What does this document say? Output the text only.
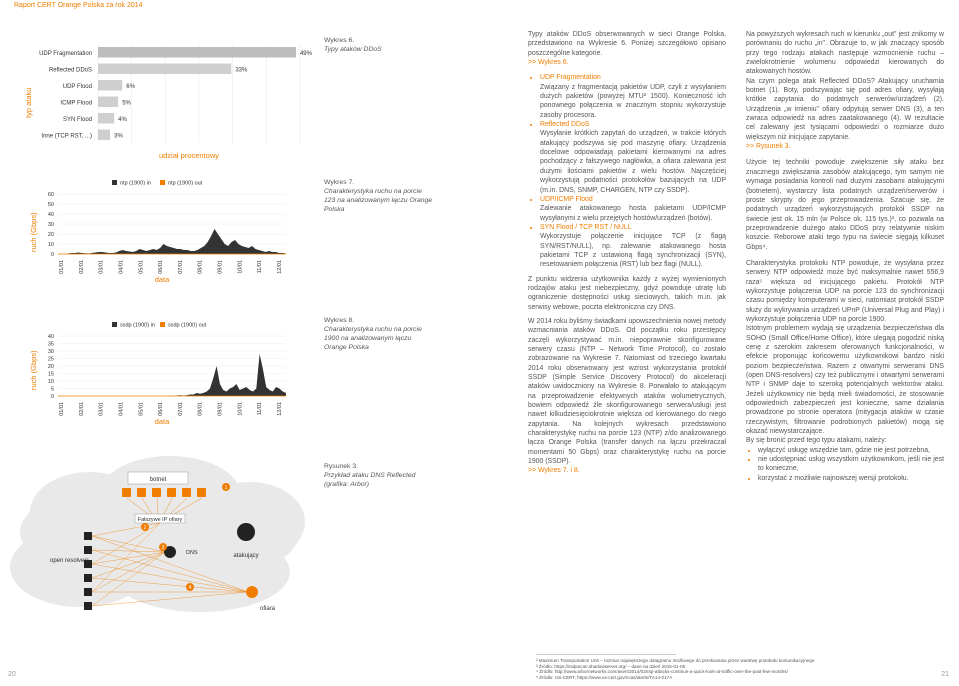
Raport CERT Orange Polska za rok 2014
typ ataku
UDP Fragmentation	49%
Reflected DDoS	33%
UDP Flood	6%
ICMP Flood	5%
SYN Flood	4%
Inne (TCP RST, ...)	3%
udział procentowy
ruch (Gbps)
ntp (1900) in	ntp (1900) out
60
50
40
30
20
10
0
01/01	02/01	03/01	04/01	05/01	06/01	07/01	08/01	09/01	10/01	11/01	12/01
data
ruch (Gbps)
ssdp (1900) in ssdp (1900) out
40
35
30
25
20
15
10
5
0
01/01	02/01	03/01	04/01	05/01	06/01	07/01	08/01	09/01	10/01	11/01	12/01
data
botnet
Fałszywe IP ofiary
open resolvers
DNS	atakujący
ofiara
1
2
3
4
Wykres 6.
Typy ataków DDoS
Wykres 7.
Charakterystyka ruchu na porcie 123 na analizowanym łączu Orange Polska
Wykres 8.
Charakterystyka ruchu na porcie 1900 na analizowanym łączu Orange Polska
Rysunek 3.
Przykład ataku DNS Reflected (grafika: Arbor)

Typy ataków DDoS obserwowanych w sieci Orange Polska, przedstawiono na Wykresie 6. Poniżej szczegółowo opisano poszczególne kategorie.
>> Wykres 6.

• UDP Fragmentation
Związany z fragmentacją pakietów UDP, czyli z wysyłaniem dużych pakietów (powyżej MTU² 1500). Konieczność ich ponownego połączenia w znacznym stopniu wykorzystuje zasoby procesora.
• Reflected DDoS
Wysyłanie krótkich zapytań do urządzeń, w trakcie których atakujący podszywa się pod maszynę ofiary. Urządzenia docelowe odpowiadają pakietami kierowanymi na adres pochodzący z fałszywego nagłówka, a ofiara zalewana jest dużymi ilościami pakietów z wielu hostów. Najczęściej wykorzystują podatności protokołów bazujących na UDP (m.in. DNS, SNMP, CHARGEN, NTP czy SSDP).
• UDP/ICMP Flood
Zalewanie atakowanego hosta pakietami UDP/ICMP wysyłanymi z wielu przejętych hostów/urządzeń (botów).
• SYN Flood / TCP RST / NULL
Wykorzystuje połączenie inicjujące TCP (z flagą SYN/RST/NULL), np. zalewanie atakowanego hosta pakietami TCP z ustawioną flagą synchronizacji (SYN), resetowaniem połączenia (RST) lub bez flagi (NULL).

Z punktu widzenia użytkownika każdy z wyżej wymienionych rodzajów ataku jest niebezpieczny, gdyż powoduje utratę lub ograniczenie dostępności usług sieciowych, takich m.in. jak serwisy webowe, poczta elektroniczna czy DNS.

W 2014 roku byliśmy świadkami upowszechnienia nowej metody wzmacniania ataków DDoS. Od początku roku przestępcy zaczęli wykorzystywać m.in. niepoprawnie skonfigurowane serwery czasu (NTP – Network Time Protocol), co zostało zobrazowane na Wykresie 7. Natomiast od trzeciego kwartału 2014 roku obserwowany jest wzrost wykorzystania protokół SSDP (Simple Service Discovery Protocol) do akceleracji ataków uwidoczniony na Wykresie 8. Porwałało to atakującym na przeprowadzenie efektywnych ataków wolumetrycznych, bowiem odpowiedź źle skonfigurowanego serwera/usługi jest nawet kilkudziesięciokrotnie większa od kierowanego do niego zapytania. Na kolejnych wykresach przedstawiono charakterystykę ruchu na porcie 123 (NTP) z/do analizowanego łącza Orange Polska (transfer danych na łączu przekraczał momentami 50 Gbps) oraz charakterystykę ruchu na porcie 1900 (SSDP).
>> Wykres 7. i 8.

Na powyższych wykresach ruch w kierunku „out" jest znikomy w porównaniu do ruchu „in". Obrazuje to, w jak znaczący sposób przy tego rodzaju atakach następuje wzmocnienie ruchu – zwielokrotnienie wolumenu odpowiedzi kierowanych do atakowanych hostów.

Na czym polega atak Reflected DDoS? Atakujący uruchamia botnet (1). Boty, podszywając się pod adres ofiary, wysyłają krótkie zapytania do podatnych serwerów/urządzeń (2). Urządzenia „w imieniu" ofiary odpytują serwer DNS (3), a ten zwraca odpowiedź na adres zaatakowanego (4). W rezultacie cel zalewany jest tysiącami odpowiedzi o rozmiarze dużo większym niż inicjujące zapytanie.
>> Rysunek 3.

Użycie tej techniki powoduje zwiększenie siły ataku bez znacznego zwiększania zasobów atakującego, tym samym nie wymaga posiadania kontroli nad dużymi zasobami atakującymi (botnetem), wystarczy lista podatnych urządzeń/serwerów i proste skrypty do jego przeprowadzenia. Szacuje się, że podatnych urządzeń wykorzystujących protokół SSDP na świecie jest ok. 15 mln (w Polsce ok. 115 tys.)³, co pozwala na przeprowadzenie dużego ataku DDoS przy relatywnie niskim koszcie. Reborowe ataki tego typu na świecie sięgają kilkuset Gbps⁴.

Charakterystyka protokołu NTP powoduje, że wysyłana przez serwery NTP odpowiedź może być maksymalnie nawet 556,9 raza⁵ większa od inicjującego pakietu. Protokół NTP wykorzystuje połączenia UDP na porcie 123 do synchronizacji czasu pomiędzy komputerami w sieci, natomiast protokół SSDP służy do wykrywania urządzeń UPnP (Universal Plug and Play) i wykorzystuje połączenia UDP na porcie 1900.

Istotnym problemem wydają się urządzenia bezpieczeństwa dla SOHO (Small Office/Home Office), które ulegają pogodzić niską cenę z szerokim zakresem oferowanych funkcjonalności, w efekcie proponując końcowemu użytkownikowi bardzo niski poziom bezpieczeństwa. Razem z otwartymi serwerami DNS (open DNS-resolvers) czy też publicznymi i otwartymi serwerami NTP i SNMP daje to szeroką potencjalnych wektorów ataku. Jeżeli użytkownicy nie będą mieli świadomości, że stosowanie odpowiednich zabezpieczeń jest konieczne, same działania prowadzone po stronie operatora (mitygacja ataków w czasie rzeczywistym, filtrowanie podrobionych pakietów) mogą się okazać niewystarczające.

By się bronić przed tego typu atakami, należy:

• wyłączyć usługę wszędzie tam, gdzie nie jest potrzebna,
• nie udostępniać usług wszystkim użytkownikom, jeśli nie jest to konieczne,
• korzystać z możliwie najnowszej wersji protokołu.
² Maximum Transportation Unit – rozmiar największego datagramu możliwego do przekazania przez warstwę protokołu komunikacyjnego
³ Źródło: https://ssdpscan.shadowserver.org/ – dane na dzień 2015-01-05
⁴ Źródło: http://www.arbornetworks.com/asert/2014/03/ntp-attacks-continue-a-quick-look-at-traffic-over-the-past-few-months/
⁵ Źródło: US-CERT, https://www.us-cert.gov/ncas/alerts/TA14-017A
20	21
